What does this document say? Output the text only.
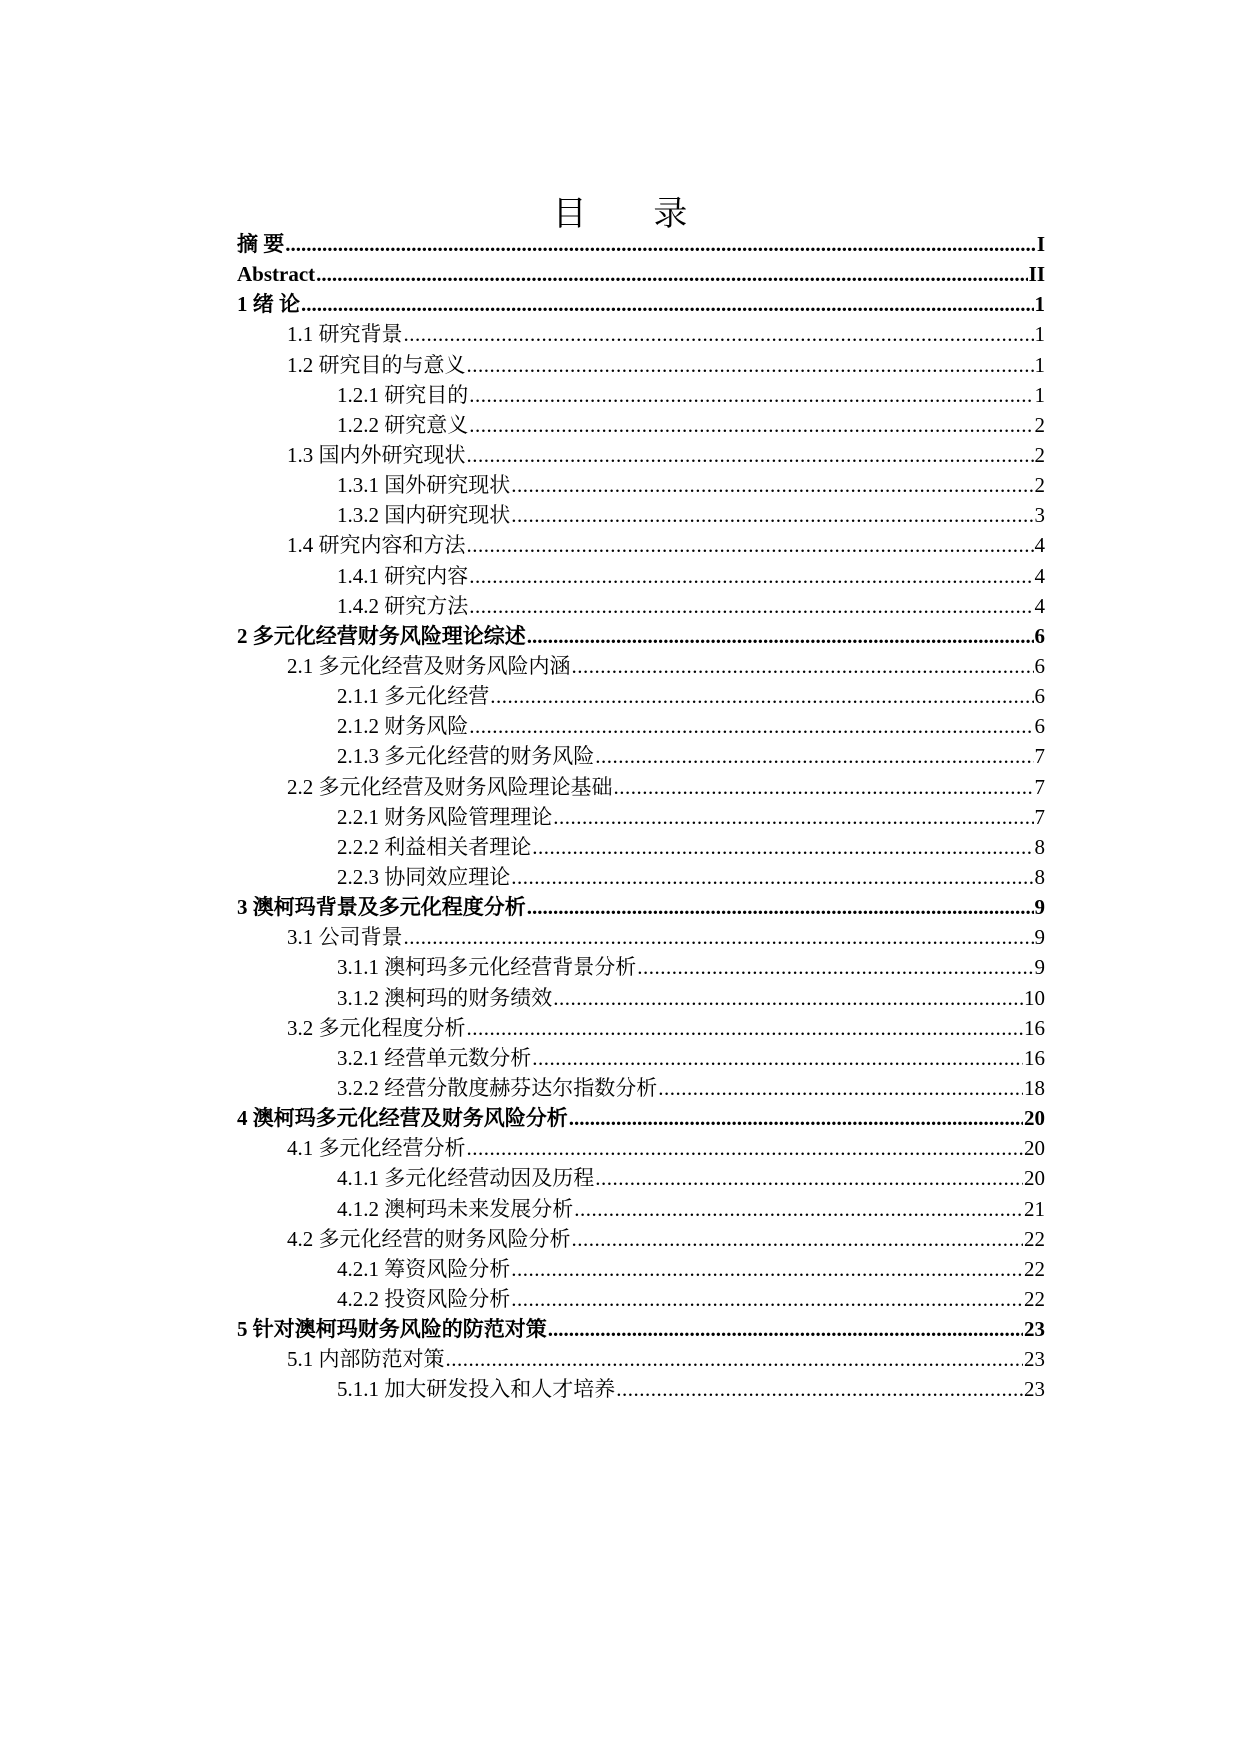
目 录
摘 要 .....	I
Abstract .....	II
1 绪 论 .....	1
1.1 研究背景 .....	1
1.2 研究目的与意义 .....	1
1.2.1 研究目的 .....	1
1.2.2 研究意义 .....	2
1.3 国内外研究现状 .....	2
1.3.1 国外研究现状 .....	2
1.3.2 国内研究现状 .....	3
1.4 研究内容和方法 .....	4
1.4.1 研究内容 .....	4
1.4.2 研究方法 .....	4
2 多元化经营财务风险理论综述 .....	6
2.1 多元化经营及财务风险内涵 .....	6
2.1.1 多元化经营 .....	6
2.1.2 财务风险 .....	6
2.1.3 多元化经营的财务风险 .....	7
2.2 多元化经营及财务风险理论基础 .....	7
2.2.1 财务风险管理理论 .....	7
2.2.2 利益相关者理论 .....	8
2.2.3 协同效应理论 .....	8
3 澳柯玛背景及多元化程度分析 .....	9
3.1 公司背景 .....	9
3.1.1 澳柯玛多元化经营背景分析 .....	9
3.1.2 澳柯玛的财务绩效 .....	10
3.2 多元化程度分析 .....	16
3.2.1 经营单元数分析 .....	16
3.2.2 经营分散度赫芬达尔指数分析 .....	18
4 澳柯玛多元化经营及财务风险分析 .....	20
4.1 多元化经营分析 .....	20
4.1.1 多元化经营动因及历程 .....	20
4.1.2 澳柯玛未来发展分析 .....	21
4.2 多元化经营的财务风险分析 .....	22
4.2.1 筹资风险分析 .....	22
4.2.2 投资风险分析 .....	22
5 针对澳柯玛财务风险的防范对策 .....	23
5.1 内部防范对策 .....	23
5.1.1 加大研发投入和人才培养 .....	23
